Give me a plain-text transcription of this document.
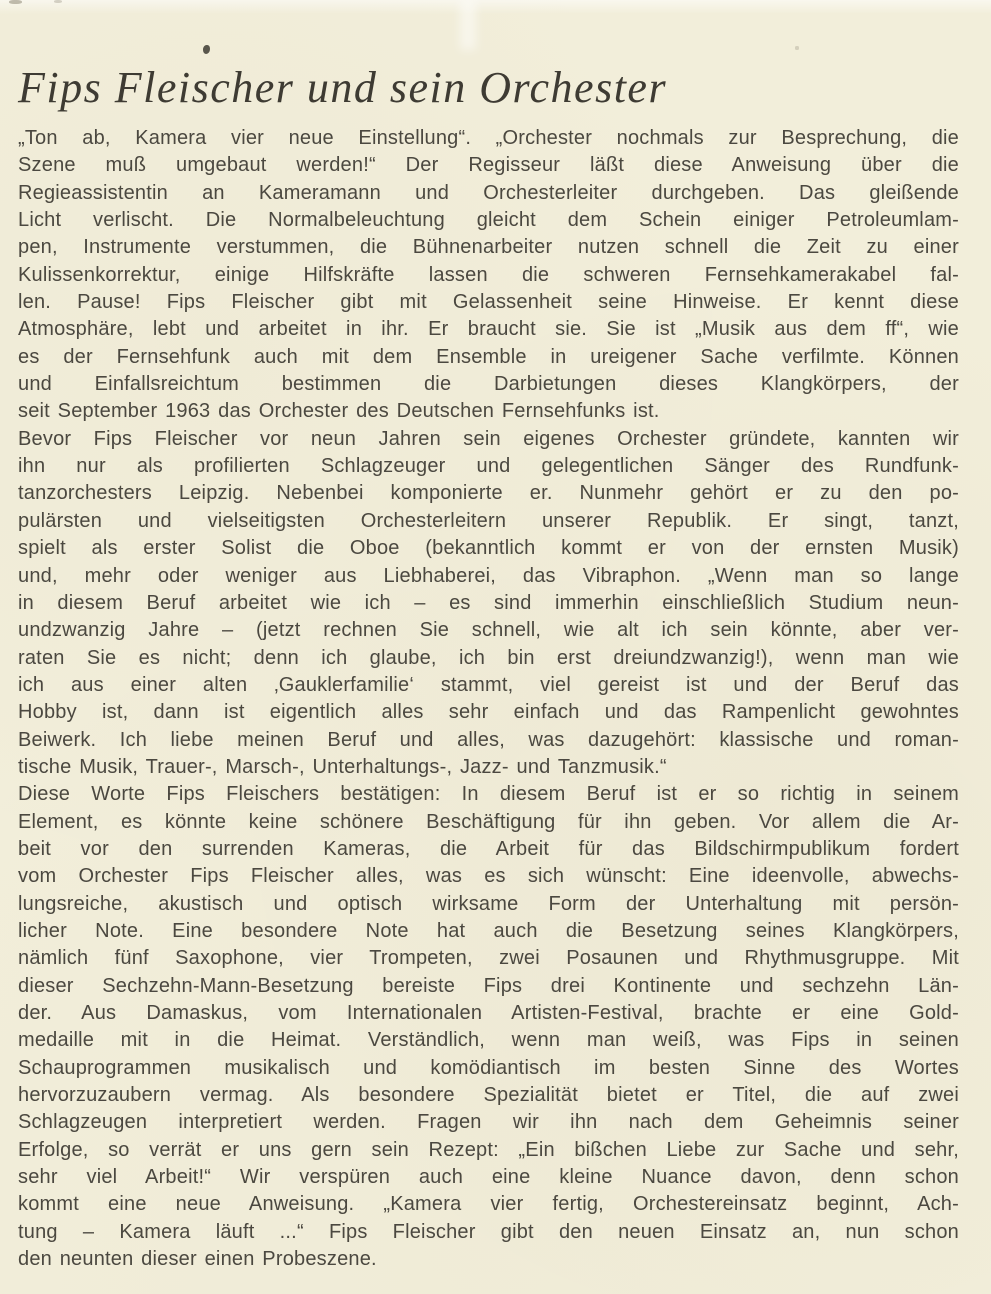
Fips Fleischer und sein Orchester
„Ton ab, Kamera vier neue Einstellung“. „Orchester nochmals zur Besprechung, die
Szene muß umgebaut werden!“ Der Regisseur läßt diese Anweisung über die
Regieassistentin an Kameramann und Orchesterleiter durchgeben. Das gleißende
Licht verlischt. Die Normalbeleuchtung gleicht dem Schein einiger Petroleumlam-
pen, Instrumente verstummen, die Bühnenarbeiter nutzen schnell die Zeit zu einer
Kulissenkorrektur, einige Hilfskräfte lassen die schweren Fernsehkamerakabel fal-
len. Pause! Fips Fleischer gibt mit Gelassenheit seine Hinweise. Er kennt diese
Atmosphäre, lebt und arbeitet in ihr. Er braucht sie. Sie ist „Musik aus dem ff“, wie
es der Fernsehfunk auch mit dem Ensemble in ureigener Sache verfilmte. Können
und Einfallsreichtum bestimmen die Darbietungen dieses Klangkörpers, der
seit September 1963 das Orchester des Deutschen Fernsehfunks ist.
Bevor Fips Fleischer vor neun Jahren sein eigenes Orchester gründete, kannten wir
ihn nur als profilierten Schlagzeuger und gelegentlichen Sänger des Rundfunk-
tanzorchesters Leipzig. Nebenbei komponierte er. Nunmehr gehört er zu den po-
pulärsten und vielseitigsten Orchesterleitern unserer Republik. Er singt, tanzt,
spielt als erster Solist die Oboe (bekanntlich kommt er von der ernsten Musik)
und, mehr oder weniger aus Liebhaberei, das Vibraphon. „Wenn man so lange
in diesem Beruf arbeitet wie ich – es sind immerhin einschließlich Studium neun-
undzwanzig Jahre – (jetzt rechnen Sie schnell, wie alt ich sein könnte, aber ver-
raten Sie es nicht; denn ich glaube, ich bin erst dreiundzwanzig!), wenn man wie
ich aus einer alten ‚Gauklerfamilie‘ stammt, viel gereist ist und der Beruf das
Hobby ist, dann ist eigentlich alles sehr einfach und das Rampenlicht gewohntes
Beiwerk. Ich liebe meinen Beruf und alles, was dazugehört: klassische und roman-
tische Musik, Trauer-, Marsch-, Unterhaltungs-, Jazz- und Tanzmusik.“
Diese Worte Fips Fleischers bestätigen: In diesem Beruf ist er so richtig in seinem
Element, es könnte keine schönere Beschäftigung für ihn geben. Vor allem die Ar-
beit vor den surrenden Kameras, die Arbeit für das Bildschirmpublikum fordert
vom Orchester Fips Fleischer alles, was es sich wünscht: Eine ideenvolle, abwechs-
lungsreiche, akustisch und optisch wirksame Form der Unterhaltung mit persön-
licher Note. Eine besondere Note hat auch die Besetzung seines Klangkörpers,
nämlich fünf Saxophone, vier Trompeten, zwei Posaunen und Rhythmusgruppe. Mit
dieser Sechzehn-Mann-Besetzung bereiste Fips drei Kontinente und sechzehn Län-
der. Aus Damaskus, vom Internationalen Artisten-Festival, brachte er eine Gold-
medaille mit in die Heimat. Verständlich, wenn man weiß, was Fips in seinen
Schauprogrammen musikalisch und komödiantisch im besten Sinne des Wortes
hervorzuzaubern vermag. Als besondere Spezialität bietet er Titel, die auf zwei
Schlagzeugen interpretiert werden. Fragen wir ihn nach dem Geheimnis seiner
Erfolge, so verrät er uns gern sein Rezept: „Ein bißchen Liebe zur Sache und sehr,
sehr viel Arbeit!“ Wir verspüren auch eine kleine Nuance davon, denn schon
kommt eine neue Anweisung. „Kamera vier fertig, Orchestereinsatz beginnt, Ach-
tung – Kamera läuft ...“ Fips Fleischer gibt den neuen Einsatz an, nun schon
den neunten dieser einen Probeszene.
